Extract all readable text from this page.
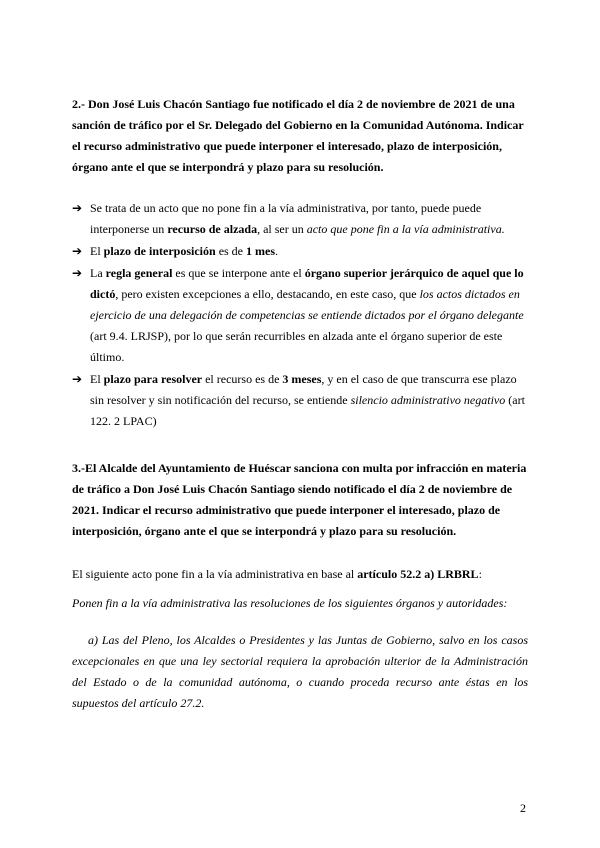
2.- Don José Luis Chacón Santiago fue notificado el día 2 de noviembre de 2021 de una sanción de tráfico por el Sr. Delegado del Gobierno en la Comunidad Autónoma. Indicar el recurso administrativo que puede interponer el interesado, plazo de interposición, órgano ante el que se interpondrá y plazo para su resolución.

➔ Se trata de un acto que no pone fin a la vía administrativa, por tanto, puede puede interponerse un recurso de alzada, al ser un acto que pone fin a la vía administrativa.
➔ El plazo de interposición es de 1 mes.
➔ La regla general es que se interpone ante el órgano superior jerárquico de aquel que lo dictó, pero existen excepciones a ello, destacando, en este caso, que los actos dictados en ejercicio de una delegación de competencias se entiende dictados por el órgano delegante (art 9.4. LRJSP), por lo que serán recurribles en alzada ante el órgano superior de este último.
➔ El plazo para resolver el recurso es de 3 meses, y en el caso de que transcurra ese plazo sin resolver y sin notificación del recurso, se entiende silencio administrativo negativo (art 122. 2 LPAC)

3.-El Alcalde del Ayuntamiento de Huéscar sanciona con multa por infracción en materia de tráfico a Don José Luis Chacón Santiago siendo notificado el día 2 de noviembre de 2021. Indicar el recurso administrativo que puede interponer el interesado, plazo de interposición, órgano ante el que se interpondrá y plazo para su resolución.

El siguiente acto pone fin a la vía administrativa en base al artículo 52.2 a) LRBRL:

Ponen fin a la vía administrativa las resoluciones de los siguientes órganos y autoridades:

a) Las del Pleno, los Alcaldes o Presidentes y las Juntas de Gobierno, salvo en los casos excepcionales en que una ley sectorial requiera la aprobación ulterior de la Administración del Estado o de la comunidad autónoma, o cuando proceda recurso ante éstas en los supuestos del artículo 27.2.

2
